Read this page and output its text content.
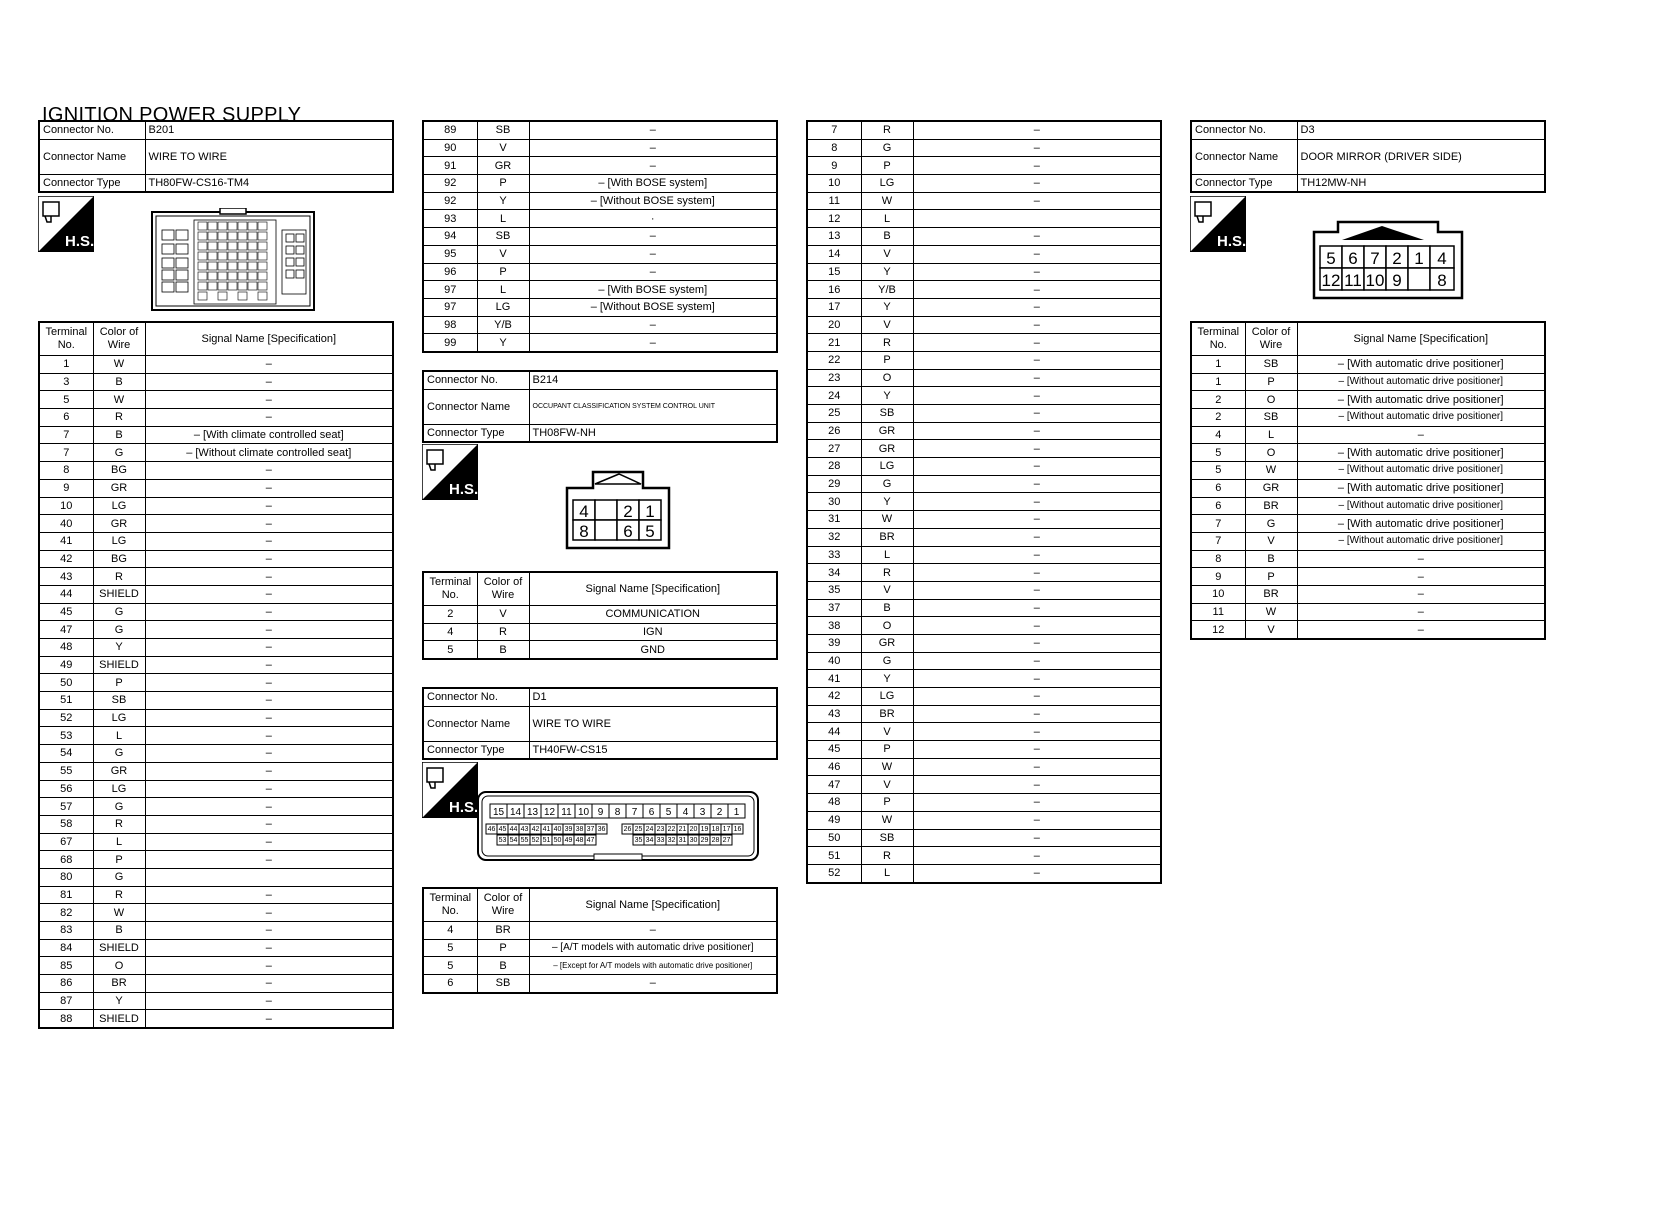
IGNITION POWER SUPPLY
Connector No.	B201
Connector Name	WIRE TO WIRE
Connector Type	TH80FW-CS16-TM4
H.S.
Terminal No.	Color of Wire	Signal Name [Specification]
1	W	–
3	B	–
5	W	–
6	R	–
7	B	– [With climate controlled seat]
7	G	– [Without climate controlled seat]
8	BG	–
9	GR	–
10	LG	–
40	GR	–
41	LG	–
42	BG	–
43	R	–
44	SHIELD	–
45	G	–
47	G	–
48	Y	–
49	SHIELD	–
50	P	–
51	SB	–
52	LG	–
53	L	–
54	G	–
55	GR	–
56	LG	–
57	G	–
58	R	–
67	L	–
68	P	–
80	G	
81	R	–
82	W	–
83	B	–
84	SHIELD	–
85	O	–
86	BR	–
87	Y	–
88	SHIELD	–
89	SB	–
90	V	–
91	GR	–
92	P	– [With BOSE system]
92	Y	– [Without BOSE system]
93	L	·
94	SB	–
95	V	–
96	P	–
97	L	– [With BOSE system]
97	LG	– [Without BOSE system]
98	Y/B	–
99	Y	–
Connector No.	B214
Connector Name	OCCUPANT CLASSIFICATION SYSTEM CONTROL UNIT
Connector Type	TH08FW-NH
H.S.
4 2 1
8 6 5
Terminal No.	Color of Wire	Signal Name [Specification]
2	V	COMMUNICATION
4	R	IGN
5	B	GND
Connector No.	D1
Connector Name	WIRE TO WIRE
Connector Type	TH40FW-CS15
H.S. 15 14 13 12 11 10 9 8 7 6 5 4 3 2 1
46 45 44 43 42 41 40 39 38 37 36	26 25 24 23 22 21 20 19 18 17 16
53 54 55 52 51 50 49 48 47	35 34 33 32 31 30 29 28 27
Terminal No.	Color of Wire	Signal Name [Specification]
4	BR	–
5	P	– [A/T models with automatic drive positioner]
5	B	– [Except for A/T models with automatic drive positioner]
6	SB	–
7	R	–
8	G	–
9	P	–
10	LG	–
11	W	–
12	L	
13	B	–
14	V	–
15	Y	–
16	Y/B	–
17	Y	–
20	V	–
21	R	–
22	P	–
23	O	–
24	Y	–
25	SB	–
26	GR	–
27	GR	–
28	LG	–
29	G	–
30	Y	–
31	W	–
32	BR	–
33	L	–
34	R	–
35	V	–
37	B	–
38	O	–
39	GR	–
40	G	–
41	Y	–
42	LG	–
43	BR	–
44	V	–
45	P	–
46	W	–
47	V	–
48	P	–
49	W	–
50	SB	–
51	R	–
52	L	–
Connector No.	D3
Connector Name	DOOR MIRROR (DRIVER SIDE)
Connector Type	TH12MW-NH
H.S.
5 6 7 2 1 4
12 11 10 9 8
Terminal No.	Color of Wire	Signal Name [Specification]
1	SB	– [With automatic drive positioner]
1	P	– [Without automatic drive positioner]
2	O	– [With automatic drive positioner]
2	SB	– [Without automatic drive positioner]
4	L	–
5	O	– [With automatic drive positioner]
5	W	– [Without automatic drive positioner]
6	GR	– [With automatic drive positioner]
6	BR	– [Without automatic drive positioner]
7	G	– [With automatic drive positioner]
7	V	– [Without automatic drive positioner]
8	B	–
9	P	–
10	BR	–
11	W	–
12	V	–
